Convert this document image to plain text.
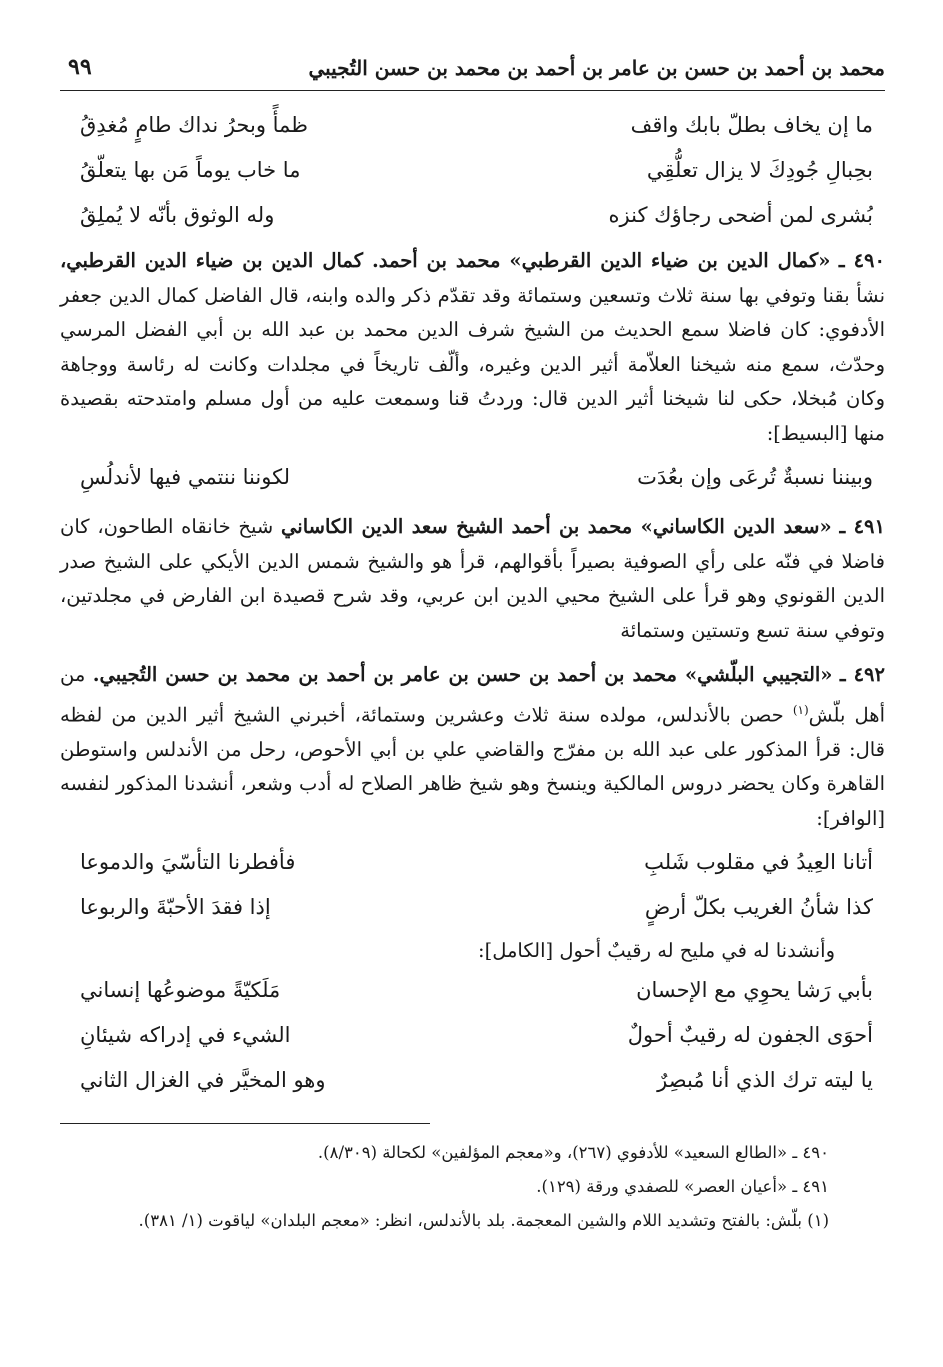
محمد بن أحمد بن حسن بن عامر بن أحمد بن محمد بن حسن التُجيبي
٩٩
ما إن يخاف بطلّ بابك واقف
ظمأً وبحرُ نداك طامٍ مُغدِقُ
بحِبالِ جُودِكَ لا يزال تعلُّقِي
ما خاب يوماً مَن بها يتعلّقُ
بُشرى لمن أضحى رجاؤك كنزه
وله الوثوق بأنّه لا يُملِقُ

٤٩٠ ـ «كمال الدين بن ضياء الدين القرطبي» محمد بن أحمد. كمال الدين بن ضياء الدين القرطبي، نشأ بقنا وتوفي بها سنة ثلاث وتسعين وستمائة وقد تقدّم ذكر والده وابنه، قال الفاضل كمال الدين جعفر الأدفوي: كان فاضلا سمع الحديث من الشيخ شرف الدين محمد بن عبد الله بن أبي الفضل المرسي وحدّث، سمع منه شيخنا العلاّمة أثير الدين وغيره، وألّف تاريخاً في مجلدات وكانت له رئاسة ووجاهة وكان مُبخلا، حكى لنا شيخنا أثير الدين قال: وردتُ قنا وسمعت عليه من أول مسلم وامتدحته بقصيدة منها [البسيط]:

وبيننا نسبةٌ تُرعَى وإن بعُدَت
لكوننا ننتمي فيها لأندلُسِ

٤٩١ ـ «سعد الدين الكاساني» محمد بن أحمد الشيخ سعد الدين الكاساني شيخ خانقاه الطاحون، كان فاضلا في فنّه على رأي الصوفية بصيراً بأقوالهم، قرأ هو والشيخ شمس الدين الأيكي على الشيخ صدر الدين القونوي وهو قرأ على الشيخ محيي الدين ابن عربي، وقد شرح قصيدة ابن الفارض في مجلدتين، وتوفي سنة تسع وتستين وستمائة

٤٩٢ ـ «التجيبي البلّشي» محمد بن أحمد بن حسن بن عامر بن أحمد بن محمد بن حسن التُجيبي. من أهل بلّش$^{(١)}$ حصن بالأندلس، مولده سنة ثلاث وعشرين وستمائة، أخبرني الشيخ أثير الدين من لفظه قال: قرأ المذكور على عبد الله بن مفرّج والقاضي علي بن أبي الأحوص، رحل من الأندلس واستوطن القاهرة وكان يحضر دروس المالكية وينسخ وهو شيخ ظاهر الصلاح له أدب وشعر، أنشدنا المذكور لنفسه [الوافر]:

أتانا العِيدُ في مقلوب شَلبِ
فأفطرنا التأسّيَ والدموعا
كذا شأنُ الغريب بكلّ أرضٍ
إذا فقدَ الأحبّةَ والربوعا
وأنشدنا له في مليح له رقيبٌ أحول [الكامل]:
بأبي رَشا يحوِي مع الإحسان
مَلَكيّةً موضوعُها إنساني
أحوَى الجفون له رقيبٌ أحولٌ
الشيء في إدراكه شيئانِ
يا ليته ترك الذي أنا مُبصِرٌ
وهو المخيَّر في الغزال الثاني
٤٩٠ ـ «الطالع السعيد» للأدفوي (٢٦٧)، و«معجم المؤلفين» لكحالة (٨/٣٠٩).
٤٩١ ـ «أعيان العصر» للصفدي ورقة (١٢٩).
(١) بلّش: بالفتح وتشديد اللام والشين المعجمة. بلد بالأندلس، انظر: «معجم البلدان» لياقوت (١/ ٣٨١).
